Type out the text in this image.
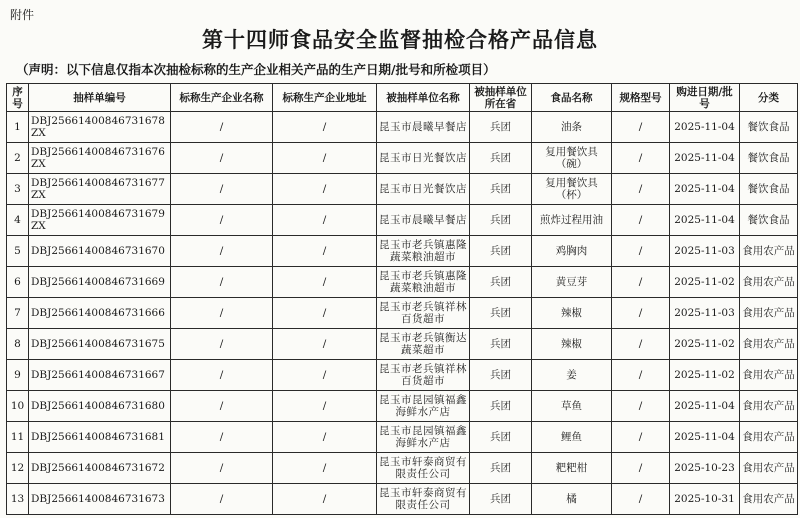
附件
第十四师食品安全监督抽检合格产品信息
（声明：以下信息仅指本次抽检标称的生产企业相关产品的生产日期/批号和所检项目）
序号	抽样单编号	标称生产企业名称	标称生产企业地址	被抽样单位名称	被抽样单位所在省	食品名称	规格型号	购进日期/批号	分类
1	DBJ25661400846731678ZX	/	/	昆玉市晨曦早餐店	兵团	油条	/	2025-11-04	餐饮食品
2	DBJ25661400846731676ZX	/	/	昆玉市日光餐饮店	兵团	复用餐饮具（碗）	/	2025-11-04	餐饮食品
3	DBJ25661400846731677ZX	/	/	昆玉市日光餐饮店	兵团	复用餐饮具（杯）	/	2025-11-04	餐饮食品
4	DBJ25661400846731679ZX	/	/	昆玉市晨曦早餐店	兵团	煎炸过程用油	/	2025-11-04	餐饮食品
5	DBJ25661400846731670	/	/	昆玉市老兵镇惠隆蔬菜粮油超市	兵团	鸡胸肉	/	2025-11-03	食用农产品
6	DBJ25661400846731669	/	/	昆玉市老兵镇惠隆蔬菜粮油超市	兵团	黄豆芽	/	2025-11-02	食用农产品
7	DBJ25661400846731666	/	/	昆玉市老兵镇祥林百货超市	兵团	辣椒	/	2025-11-03	食用农产品
8	DBJ25661400846731675	/	/	昆玉市老兵镇衡达蔬菜超市	兵团	辣椒	/	2025-11-02	食用农产品
9	DBJ25661400846731667	/	/	昆玉市老兵镇祥林百货超市	兵团	姜	/	2025-11-02	食用农产品
10	DBJ25661400846731680	/	/	昆玉市昆园镇福鑫海鲜水产店	兵团	草鱼	/	2025-11-04	食用农产品
11	DBJ25661400846731681	/	/	昆玉市昆园镇福鑫海鲜水产店	兵团	鲤鱼	/	2025-11-04	食用农产品
12	DBJ25661400846731672	/	/	昆玉市轩泰商贸有限责任公司	兵团	粑粑柑	/	2025-10-23	食用农产品
13	DBJ25661400846731673	/	/	昆玉市轩泰商贸有限责任公司	兵团	橘	/	2025-10-31	食用农产品
